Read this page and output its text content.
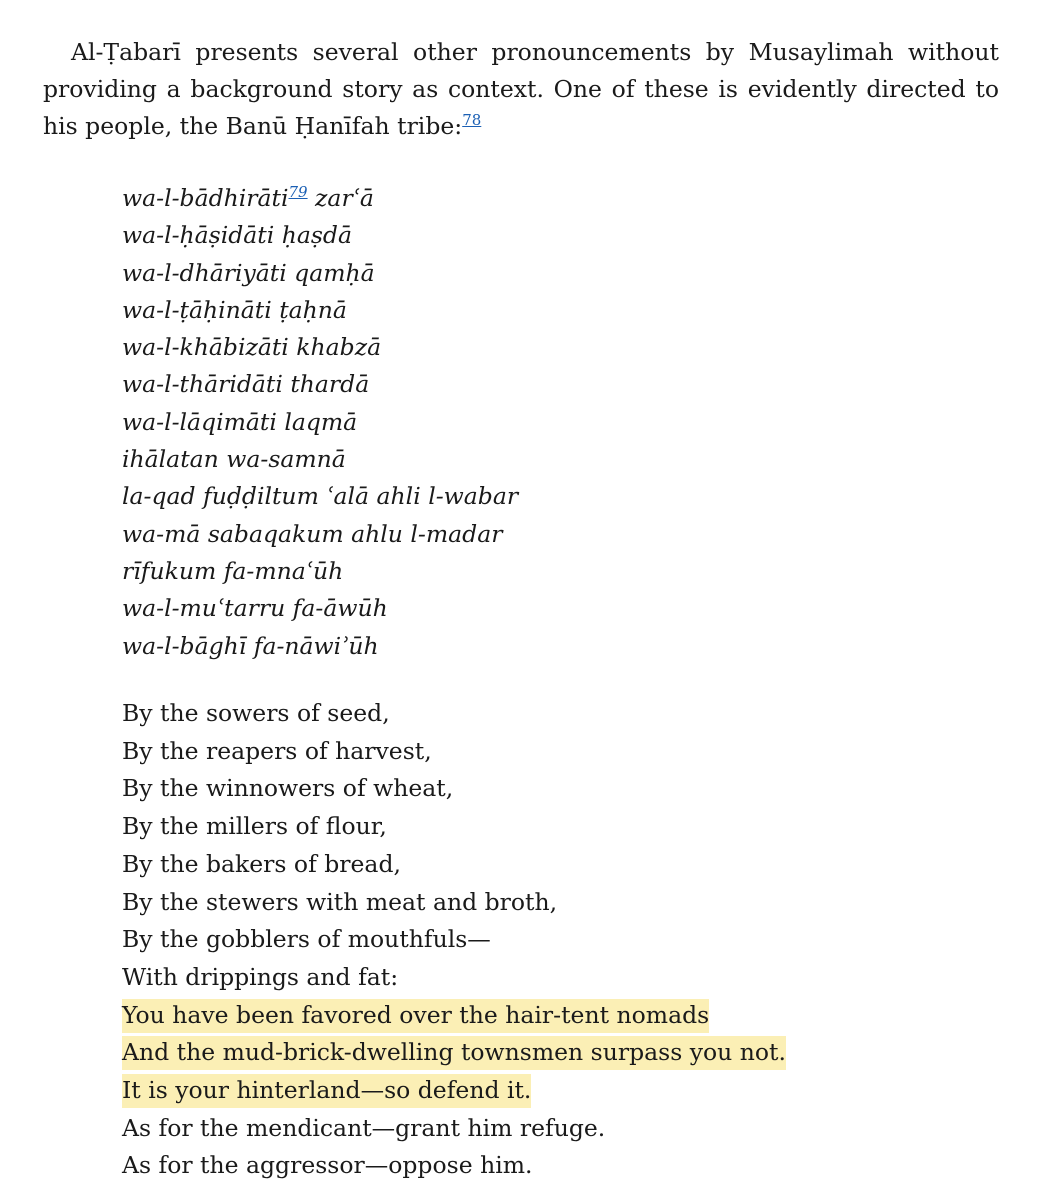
Al-Ṭabarī presents several other pronouncements by Musaylimah without providing a background story as context. One of these is evidently directed to his people, the Banū Ḥanīfah tribe:$^{78}$

wa-l-bādhirāti$^{79}$ zarʿā
wa-l-ḥāṣidāti ḥaṣdā
wa-l-dhāriyāti qamḥā
wa-l-ṭāḥināti ṭaḥnā
wa-l-khābizāti khabzā
wa-l-thāridāti thardā
wa-l-lāqimāti laqmā
ihālatan wa-samnā
la-qad fuḍḍiltum ʿalā ahli l-wabar
wa-mā sabaqakum ahlu l-madar
rīfukum fa-mnaʿūh
wa-l-muʿtarru fa-āwūh
wa-l-bāghī fa-nāwiʾūh
By the sowers of seed,
By the reapers of harvest,
By the winnowers of wheat,
By the millers of flour,
By the bakers of bread,
By the stewers with meat and broth,
By the gobblers of mouthfuls—
With drippings and fat:
You have been favored over the hair-tent nomads
And the mud-brick-dwelling townsmen surpass you not.
It is your hinterland—so defend it.
As for the mendicant—grant him refuge.
As for the aggressor—oppose him.
